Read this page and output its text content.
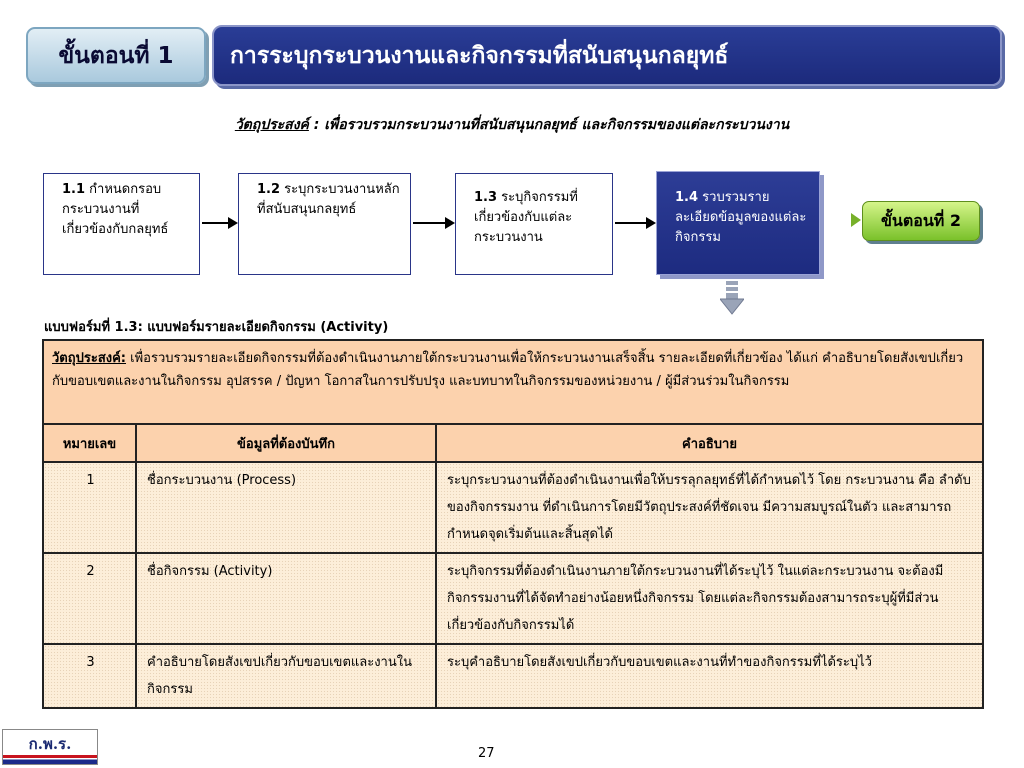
ขั้นตอนที่ 1	การระบุกระบวนงานและกิจกรรมที่สนับสนุนกลยุทธ์
วัตถุประสงค์ : เพื่อรวบรวมกระบวนงานที่สนับสนุนกลยุทธ์ และกิจกรรมของแต่ละกระบวนงาน
1.1 กำหนดกรอบกระบวนงานที่เกี่ยวข้องกับกลยุทธ์
1.2 ระบุกระบวนงานหลักที่สนับสนุนกลยุทธ์
1.3 ระบุกิจกรรมที่เกี่ยวข้องกับแต่ละกระบวนงาน
1.4 รวบรวมรายละเอียดข้อมูลของแต่ละกิจกรรม
ขั้นตอนที่ 2
แบบฟอร์มที่ 1.3: แบบฟอร์มรายละเอียดกิจกรรม (Activity)
วัตถุประสงค์: เพื่อรวบรวมรายละเอียดกิจกรรมที่ต้องดำเนินงานภายใต้กระบวนงานเพื่อให้กระบวนงานเสร็จสิ้น รายละเอียดที่เกี่ยวข้อง ได้แก่ คำอธิบายโดยสังเขปเกี่ยวกับขอบเขตและงานในกิจกรรม อุปสรรค / ปัญหา โอกาสในการปรับปรุง และบทบาทในกิจกรรมของหน่วยงาน / ผู้มีส่วนร่วมในกิจกรรม		
หมายเลข	ข้อมูลที่ต้องบันทึก	คำอธิบาย
1	ชื่อกระบวนงาน (Process)	ระบุกระบวนงานที่ต้องดำเนินงานเพื่อให้บรรลุกลยุทธ์ที่ได้กำหนดไว้ โดย กระบวนงาน คือ ลำดับของกิจกรรมงาน ที่ดำเนินการโดยมีวัตถุประสงค์ที่ชัดเจน มีความสมบูรณ์ในตัว และสามารถกำหนดจุดเริ่มต้นและสิ้นสุดได้
2	ชื่อกิจกรรม (Activity)	ระบุกิจกรรมที่ต้องดำเนินงานภายใต้กระบวนงานที่ได้ระบุไว้ ในแต่ละกระบวนงาน จะต้องมีกิจกรรมงานที่ได้จัดทำอย่างน้อยหนึ่งกิจกรรม โดยแต่ละกิจกรรมต้องสามารถระบุผู้ที่มีส่วนเกี่ยวข้องกับกิจกรรมได้
3	คำอธิบายโดยสังเขปเกี่ยวกับขอบเขตและงานในกิจกรรม	ระบุคำอธิบายโดยสังเขปเกี่ยวกับขอบเขตและงานที่ทำของกิจกรรมที่ได้ระบุไว้
ก.พ.ร.
27
